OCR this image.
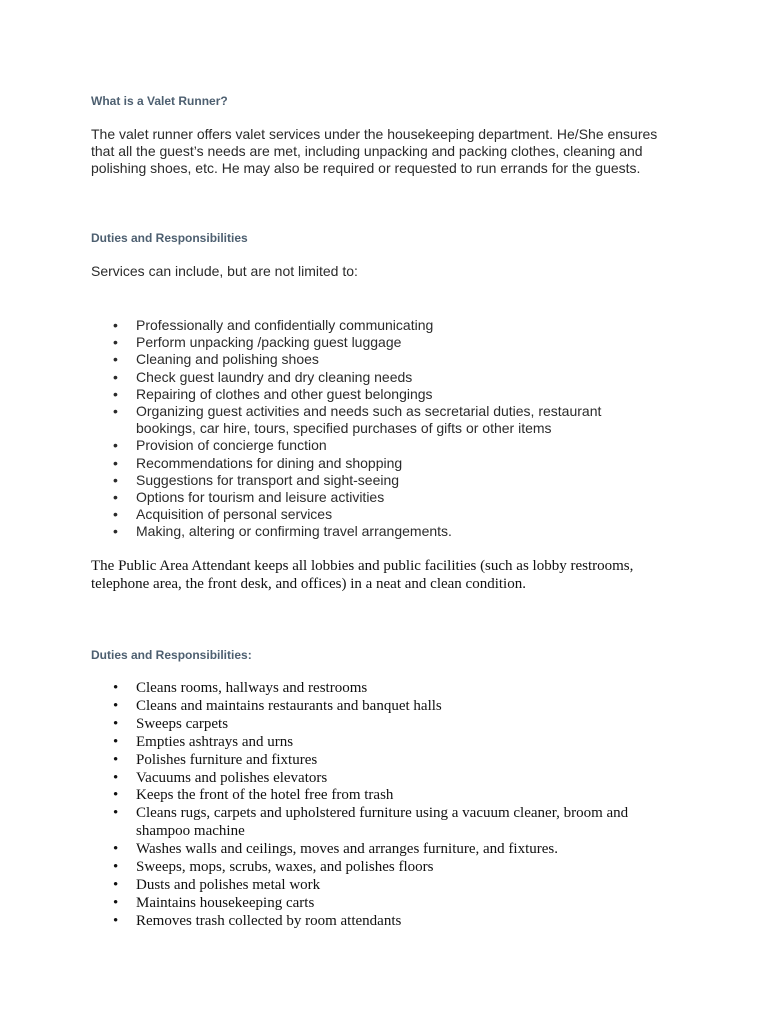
What is a Valet Runner?

The valet runner offers valet services under the housekeeping department. He/She ensures
that all the guest’s needs are met, including unpacking and packing clothes, cleaning and
polishing shoes, etc. He may also be required or requested to run errands for the guests.

Duties and Responsibilities

Services can include, but are not limited to:

• Professionally and confidentially communicating
• Perform unpacking /packing guest luggage
• Cleaning and polishing shoes
• Check guest laundry and dry cleaning needs
• Repairing of clothes and other guest belongings
• Organizing guest activities and needs such as secretarial duties, restaurant
bookings, car hire, tours, specified purchases of gifts or other items
• Provision of concierge function
• Recommendations for dining and shopping
• Suggestions for transport and sight-seeing
• Options for tourism and leisure activities
• Acquisition of personal services
• Making, altering or confirming travel arrangements.

The Public Area Attendant keeps all lobbies and public facilities (such as lobby restrooms,
telephone area, the front desk, and offices) in a neat and clean condition.

Duties and Responsibilities:
• Cleans rooms, hallways and restrooms
• Cleans and maintains restaurants and banquet halls
• Sweeps carpets
• Empties ashtrays and urns
• Polishes furniture and fixtures
• Vacuums and polishes elevators
• Keeps the front of the hotel free from trash
• Cleans rugs, carpets and upholstered furniture using a vacuum cleaner, broom and
shampoo machine
• Washes walls and ceilings, moves and arranges furniture, and fixtures.
• Sweeps, mops, scrubs, waxes, and polishes floors
• Dusts and polishes metal work
• Maintains housekeeping carts
• Removes trash collected by room attendants
